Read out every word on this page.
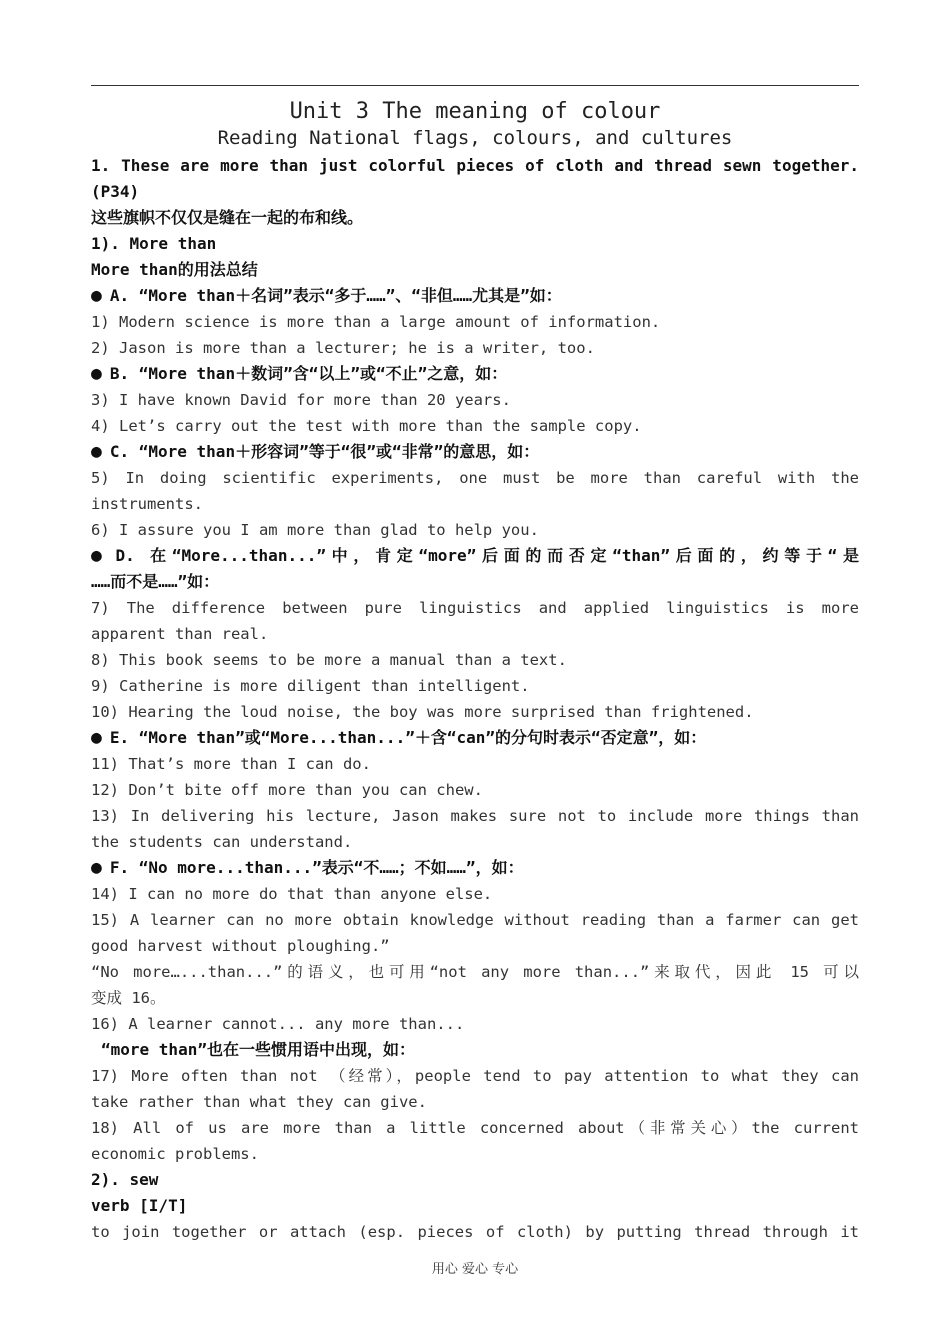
Unit 3 The meaning of colour
Reading National flags, colours, and cultures
1. These are more than just colorful pieces of cloth and thread sewn together.
(P34)
这些旗帜不仅仅是缝在一起的布和线。
1). More than
More than的用法总结
● A. “More than＋名词”表示“多于……”、“非但……尤其是”如：
1) Modern science is more than a large amount of information.
2) Jason is more than a lecturer; he is a writer, too.
● B. “More than＋数词”含“以上”或“不止”之意，如：
3) I have known David for more than 20 years.
4) Let’s carry out the test with more than the sample copy.
● C. “More than＋形容词”等于“很”或“非常”的意思，如：
5) In doing scientific experiments, one must be more than careful with the
instruments.
6) I assure you I am more than glad to help you.
● D. 在“More...than...”中，肯定“more”后面的而否定“than”后面的，约等于“是
……而不是……”如：
7) The difference between pure linguistics and applied linguistics is more
apparent than real.
8) This book seems to be more a manual than a text.
9) Catherine is more diligent than intelligent.
10) Hearing the loud noise, the boy was more surprised than frightened.
● E. “More than”或“More...than...”＋含“can”的分句时表示“否定意”，如：
11) That’s more than I can do.
12) Don’t bite off more than you can chew.
13) In delivering his lecture, Jason makes sure not to include more things than
the students can understand.
● F. “No more...than...”表示“不……；不如……”，如：
14) I can no more do that than anyone else.
15) A learner can no more obtain knowledge without reading than a farmer can get
good harvest without ploughing.”
“No more…...than...”的语义，也可用“not any more than...”来取代，因此 15 可以
变成 16。
16) A learner cannot... any more than...
“more than”也在一些惯用语中出现，如：
17) More often than not （经常），people tend to pay attention to what they can
take rather than what they can give.
18) All of us are more than a little concerned about（非常关心）the current
economic problems.
2). sew
verb [I/T]
to join together or attach (esp. pieces of cloth) by putting thread through it
用心 爱心 专心
